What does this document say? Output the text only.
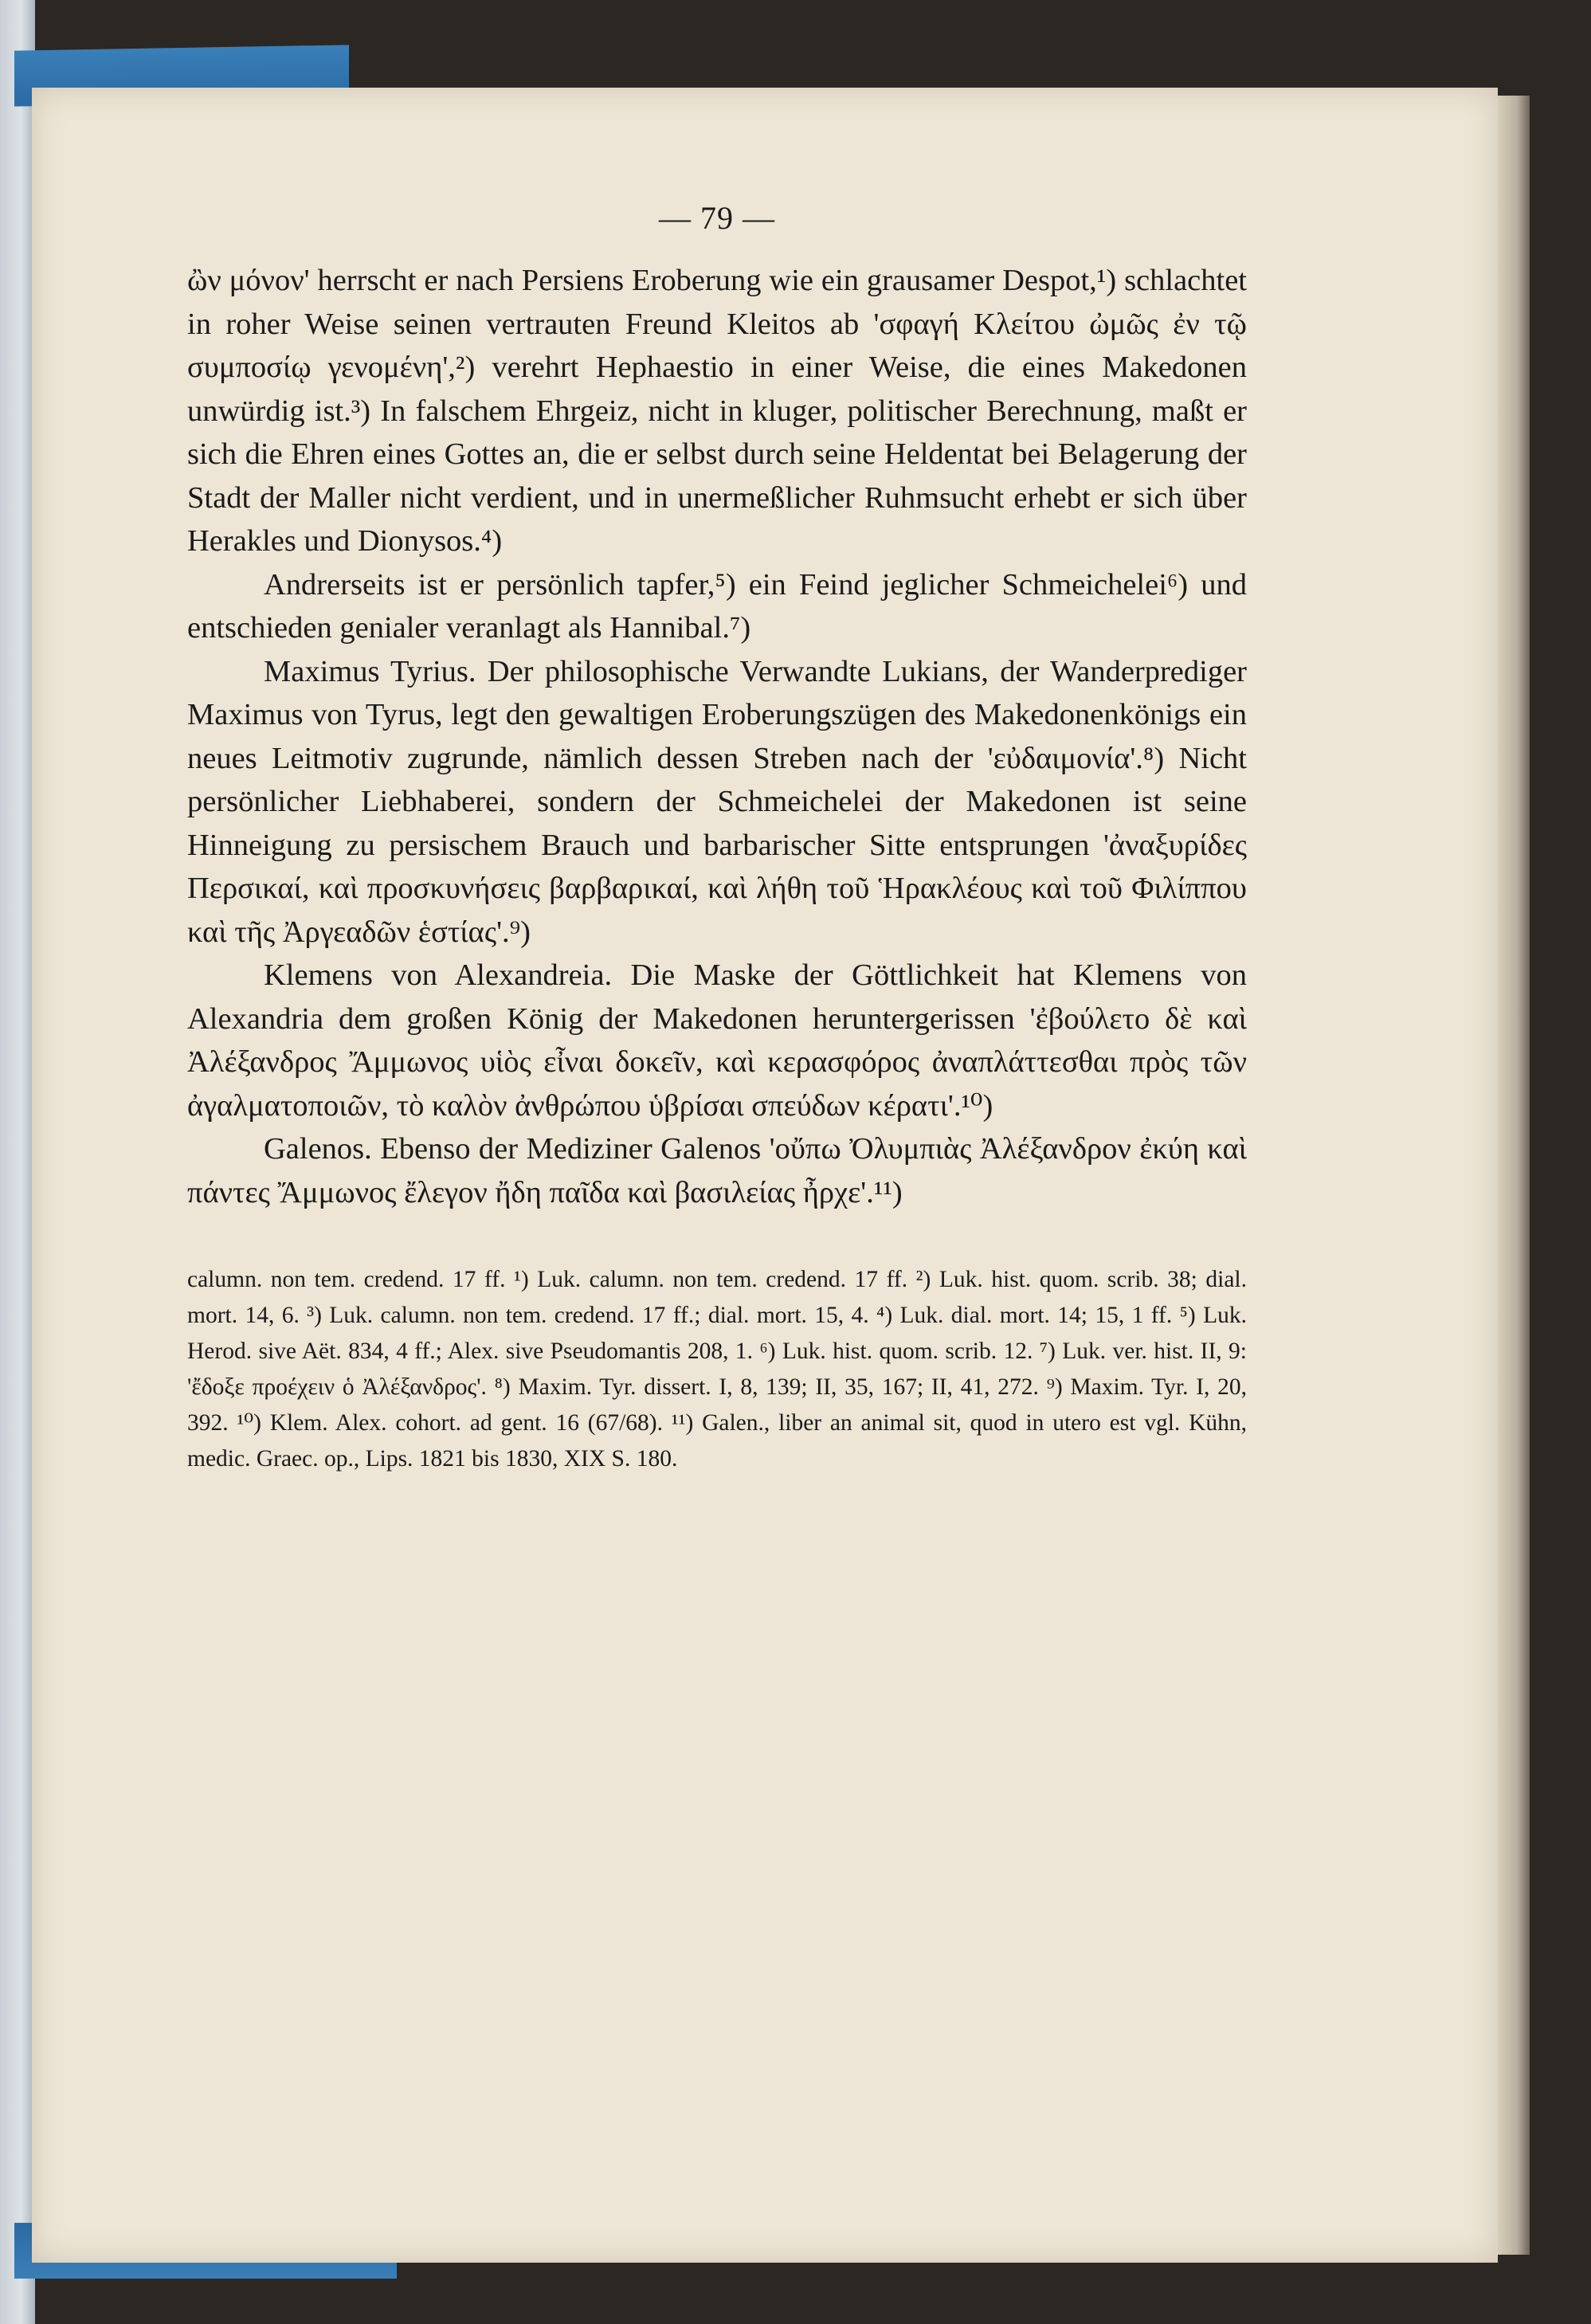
— 79 —

ὢν μόνον' herrscht er nach Persiens Eroberung wie ein grausamer Despot,¹) schlachtet in roher Weise seinen vertrauten Freund Kleitos ab 'σφαγή Κλείτου ὠμῶς ἐν τῷ συμποσίῳ γενομένη',²) verehrt Hephaestio in einer Weise, die eines Makedonen unwürdig ist.³) In falschem Ehrgeiz, nicht in kluger, politischer Berechnung, maßt er sich die Ehren eines Gottes an, die er selbst durch seine Heldentat bei Belagerung der Stadt der Maller nicht verdient, und in unermeßlicher Ruhmsucht erhebt er sich über Herakles und Dionysos.⁴)

Andrerseits ist er persönlich tapfer,⁵) ein Feind jeglicher Schmeichelei⁶) und entschieden genialer veranlagt als Hannibal.⁷)

Maximus Tyrius. Der philosophische Verwandte Lukians, der Wanderprediger Maximus von Tyrus, legt den gewaltigen Eroberungszügen des Makedonenkönigs ein neues Leitmotiv zugrunde, nämlich dessen Streben nach der 'εὐδαιμονία'.⁸) Nicht persönlicher Liebhaberei, sondern der Schmeichelei der Makedonen ist seine Hinneigung zu persischem Brauch und barbarischer Sitte entsprungen 'ἀναξυρίδες Περσικαί, καὶ προσκυνήσεις βαρβαρικαί, καὶ λήθη τοῦ Ἡρακλέους καὶ τοῦ Φιλίππου καὶ τῆς Ἀργεαδῶν ἑστίας'.⁹)

Klemens von Alexandreia. Die Maske der Göttlichkeit hat Klemens von Alexandria dem großen König der Makedonen heruntergerissen 'ἐβούλετο δὲ καὶ Ἀλέξανδρος Ἄμμωνος υἱὸς εἶναι δοκεῖν, καὶ κερασφόρος ἀναπλάττεσθαι πρὸς τῶν ἀγαλματοποιῶν, τὸ καλὸν ἀνθρώπου ὑβρίσαι σπεύδων κέρατι'.¹⁰)

Galenos. Ebenso der Mediziner Galenos 'οὔπω Ὀλυμπιὰς Ἀλέξανδρον ἐκύη καὶ πάντες Ἄμμωνος ἔλεγον ἤδη παῖδα καὶ βασιλείας ἦρχε'.¹¹)

calumn. non tem. credend. 17 ff. ¹) Luk. calumn. non tem. credend. 17 ff. ²) Luk. hist. quom. scrib. 38; dial. mort. 14, 6. ³) Luk. calumn. non tem. credend. 17 ff.; dial. mort. 15, 4. ⁴) Luk. dial. mort. 14; 15, 1 ff. ⁵) Luk. Herod. sive Aët. 834, 4 ff.; Alex. sive Pseudomantis 208, 1. ⁶) Luk. hist. quom. scrib. 12. ⁷) Luk. ver. hist. II, 9: 'ἔδοξε προέχειν ὁ Ἀλέξανδρος'. ⁸) Maxim. Tyr. dissert. I, 8, 139; II, 35, 167; II, 41, 272. ⁹) Maxim. Tyr. I, 20, 392. ¹⁰) Klem. Alex. cohort. ad gent. 16 (67/68). ¹¹) Galen., liber an animal sit, quod in utero est vgl. Kühn, medic. Graec. op., Lips. 1821 bis 1830, XIX S. 180.
